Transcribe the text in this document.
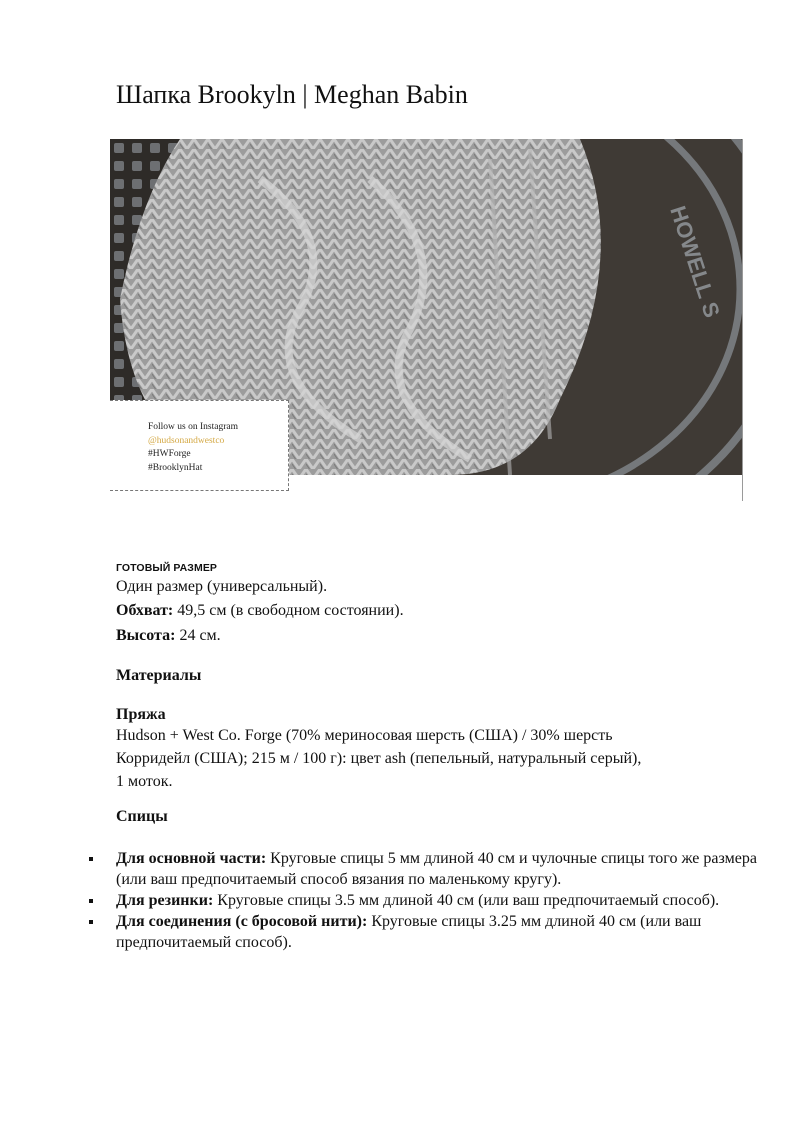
Шапка Brookyln | Meghan Babin
HOWELL S
Follow us on Instagram
@hudsonandwestco
#HWForge
#BrooklynHat
ГОТОВЫЙ РАЗМЕР
Один размер (универсальный).
Обхват: 49,5 см (в свободном состоянии).
Высота: 24 см.
Материалы
Пряжа
Hudson + West Co. Forge (70% мериносовая шерсть (США) / 30% шерсть
Корридейл (США); 215 м / 100 г): цвет ash (пепельный, натуральный серый),
1 моток.
Спицы
Для основной части: Круговые спицы 5 мм длиной 40 см и чулочные спицы того же размера (или ваш предпочитаемый способ вязания по маленькому кругу).
Для резинки: Круговые спицы 3.5 мм длиной 40 см (или ваш предпочитаемый способ).
Для соединения (с бросовой нити): Круговые спицы 3.25 мм длиной 40 см (или ваш предпочитаемый способ).
